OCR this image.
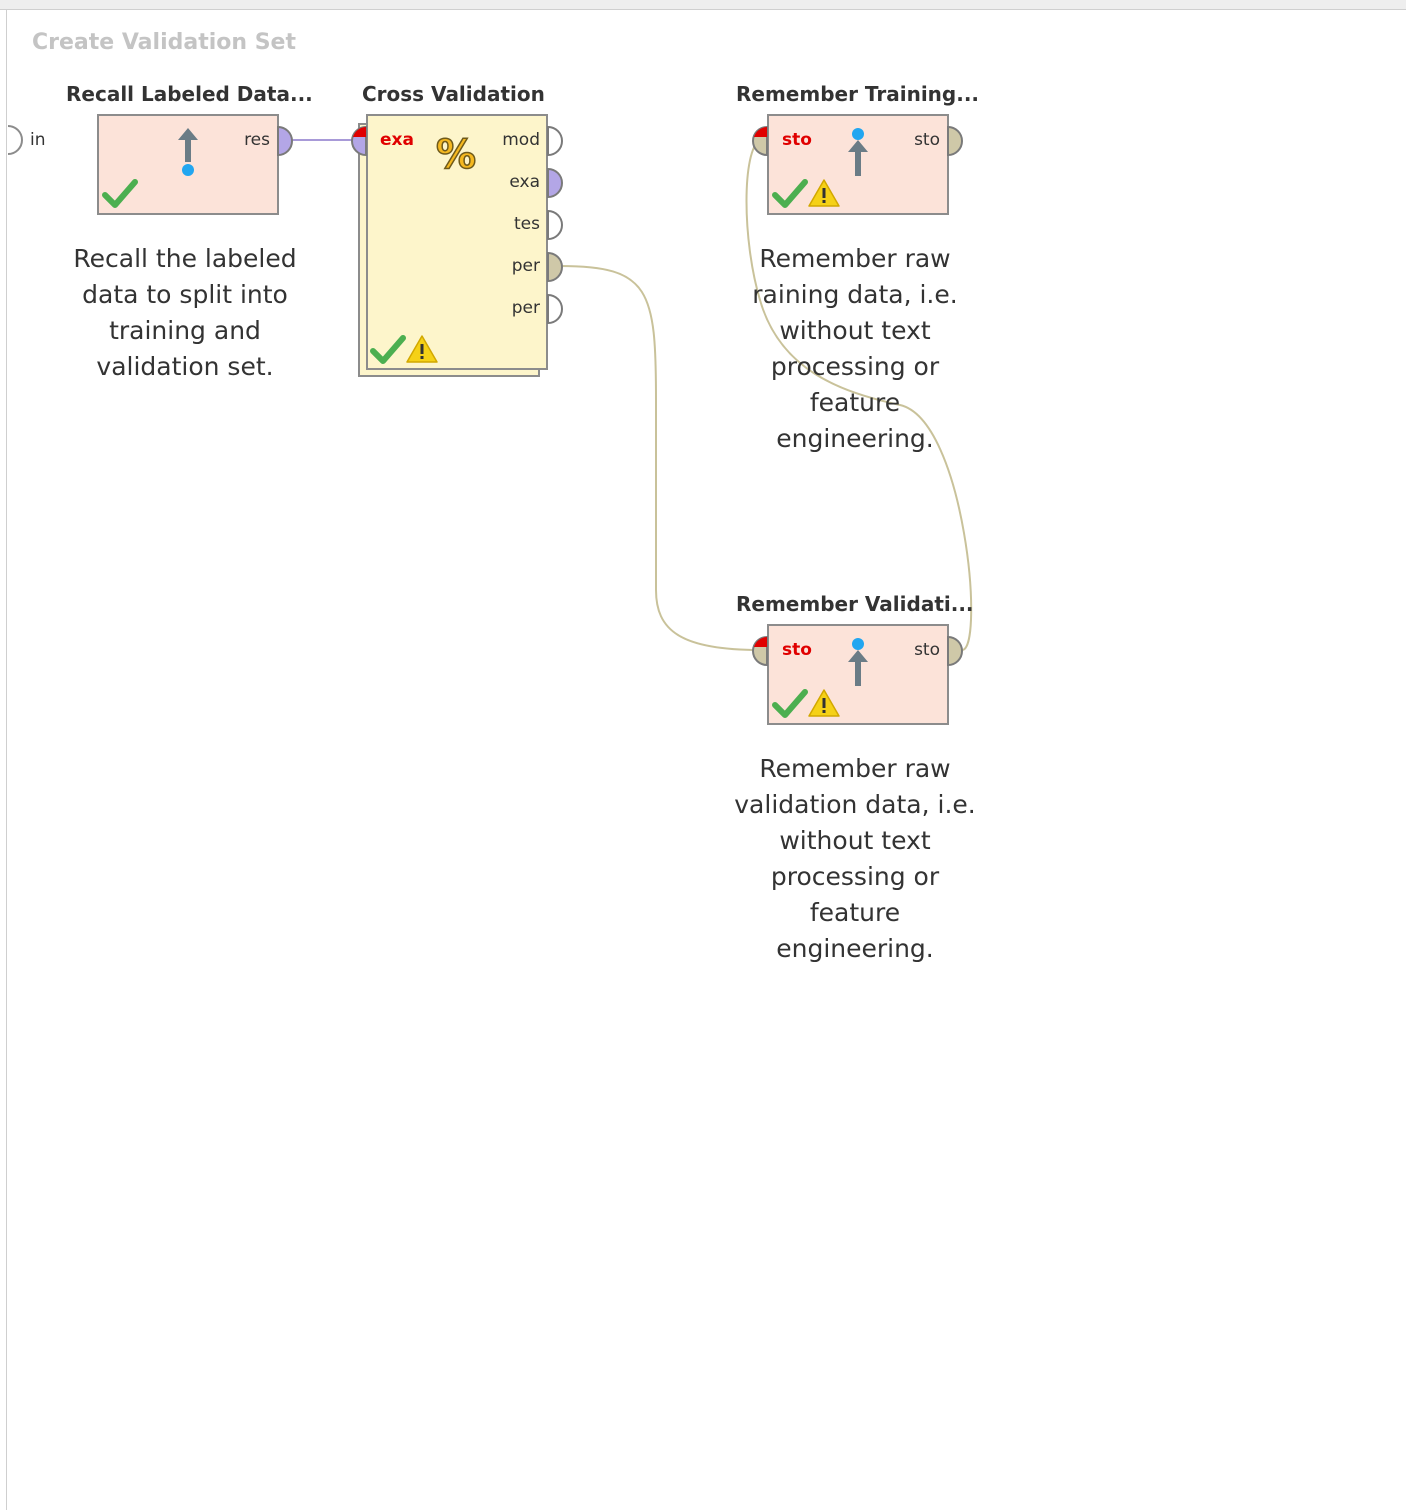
Create Validation Set
in
Recall Labeled Data...
res
Recall the labeled
data to split into
training and
validation set.
Cross Validation
exa %	mod
exa
tes
per
per
Remember Training...
sto	sto
Remember raw
raining data, i.e.
without text
processing or
feature
engineering.
Remember Validati...
sto	sto
Remember raw
validation data, i.e.
without text
processing or
feature
engineering.
